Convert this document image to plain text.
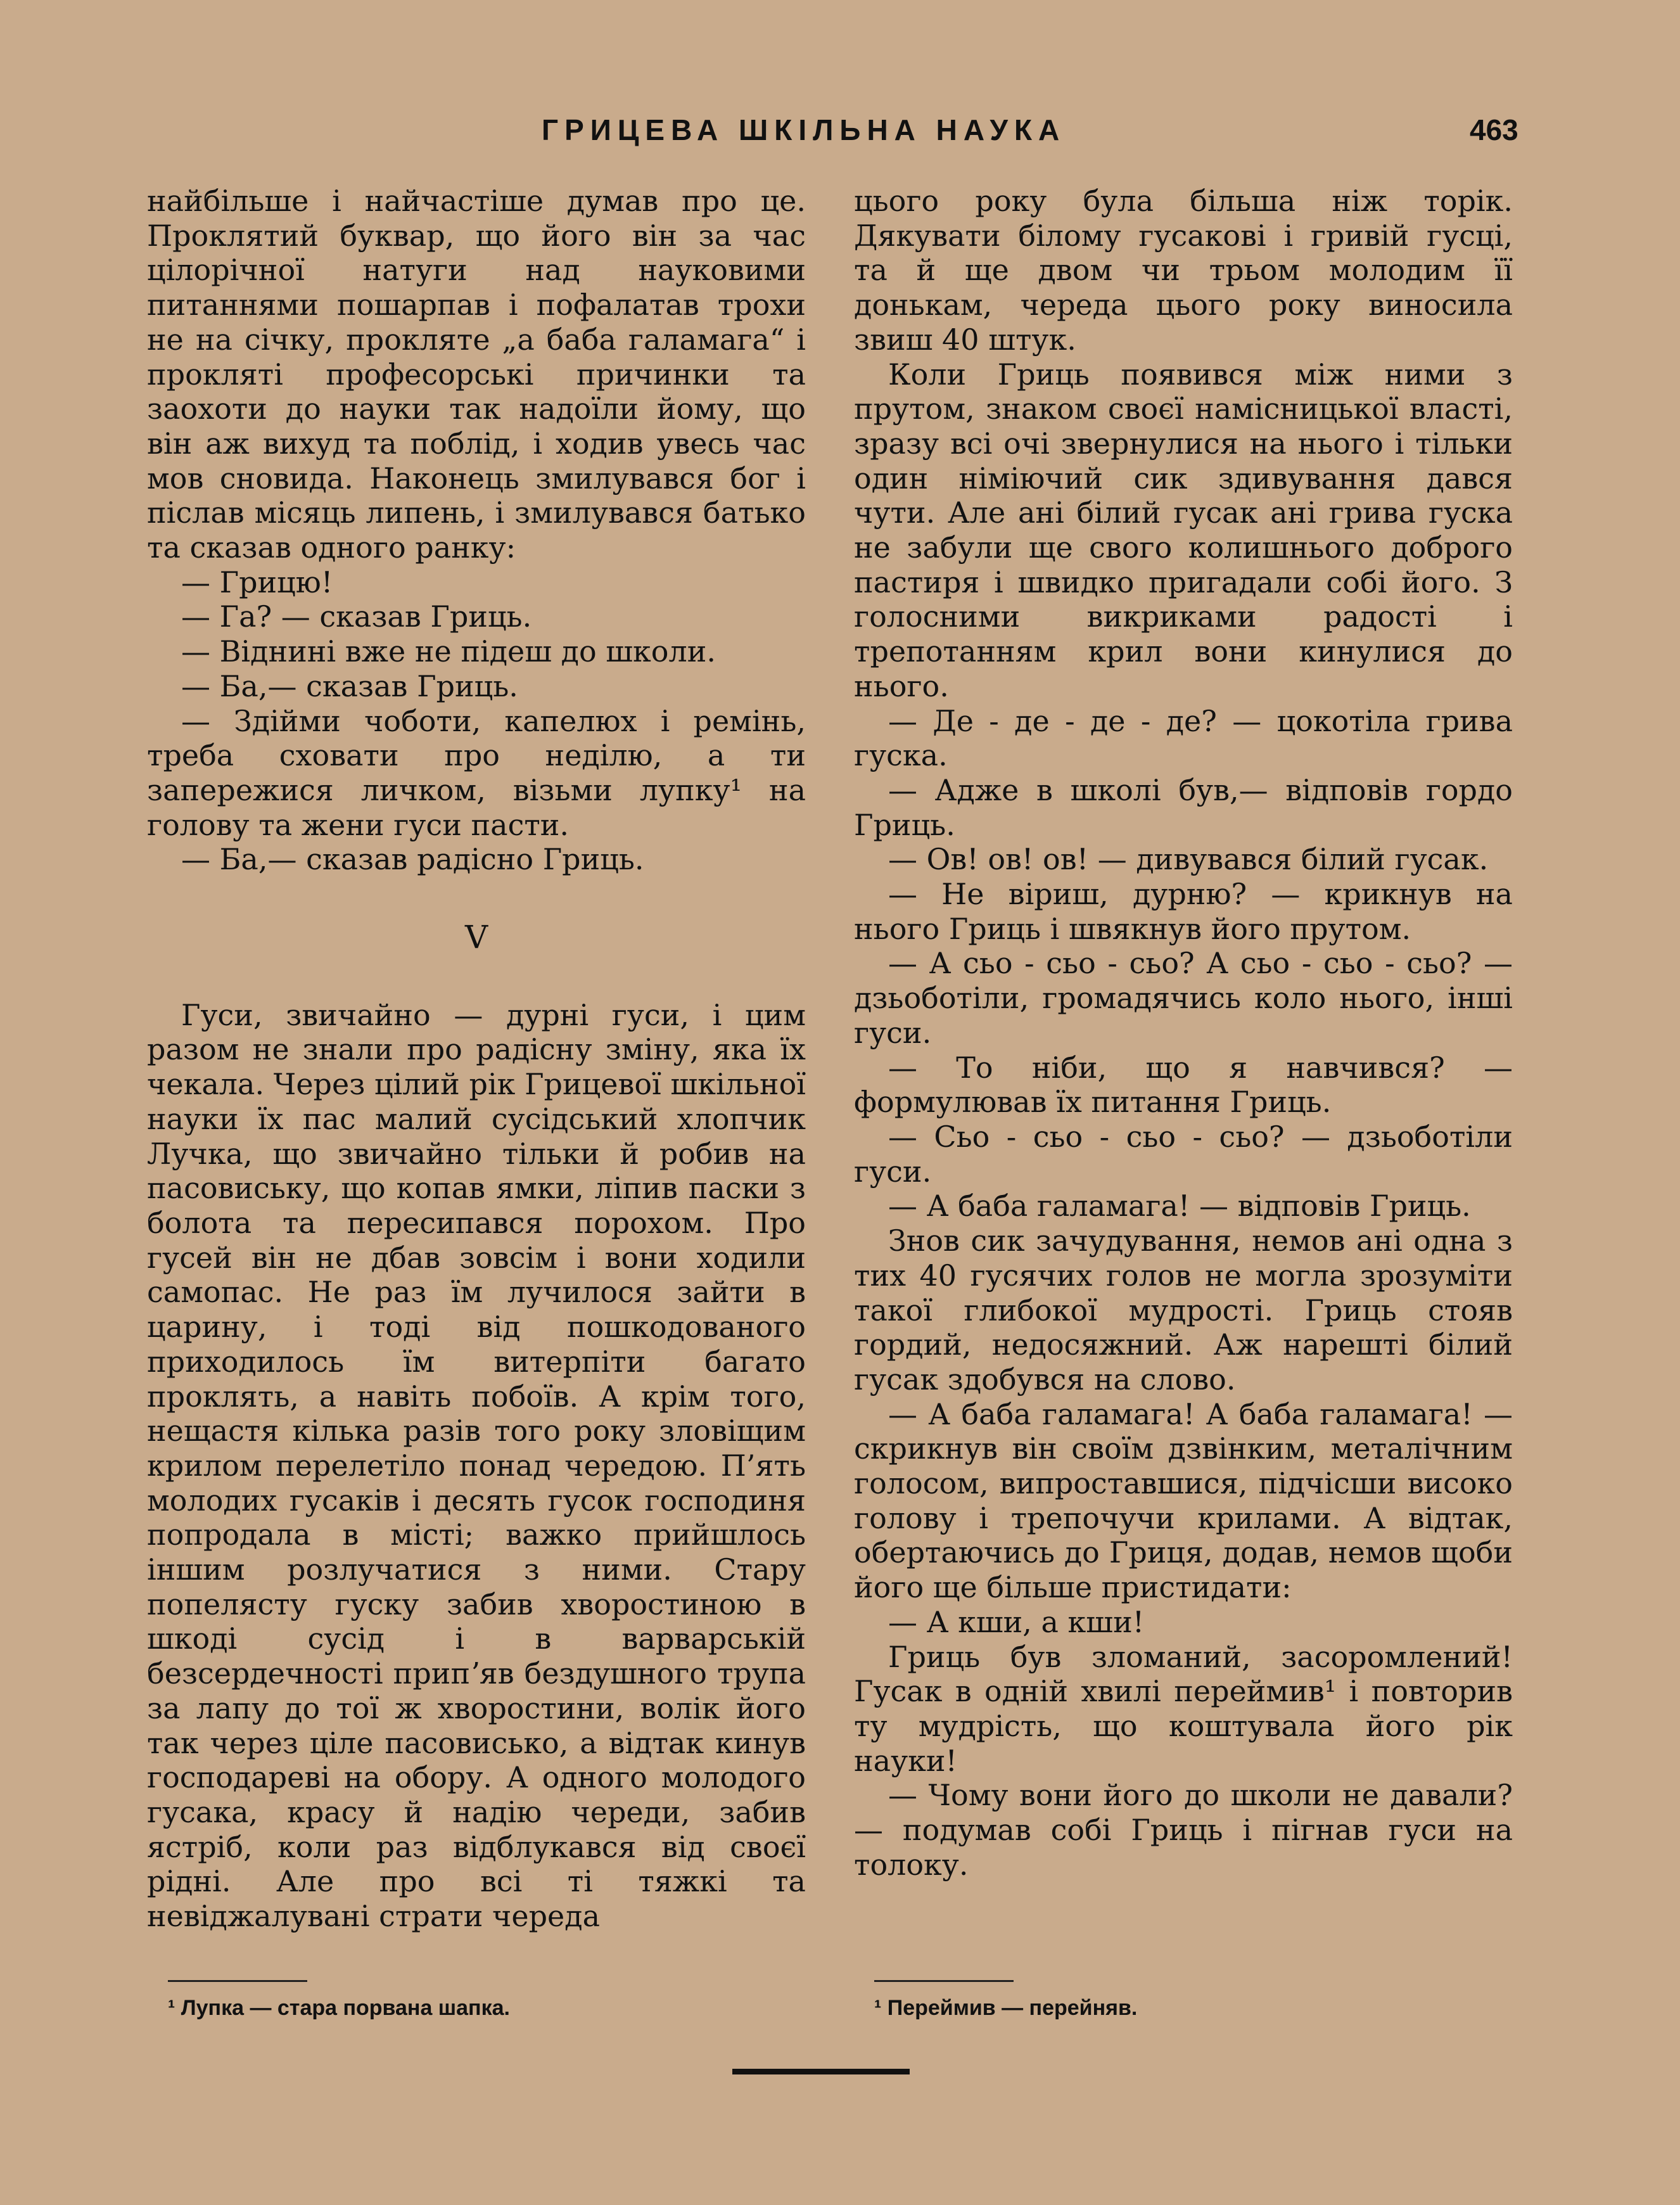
ГРИЦЕВА ШКІЛЬНА НАУКА	463

найбільше і найчастіше думав про це. Проклятий буквар, що його він за час цілорічної натуги над науковими питаннями пошарпав і пофалатав трохи не на січку, прокляте „а баба галамага“ і прокляті професорські причинки та заохоти до науки так надоїли йому, що він аж вихуд та поблід, і ходив увесь час мов сновида. Наконець змилувався бог і післав місяць липень, і змилувався батько та сказав одного ранку:

— Грицю!

— Га? — сказав Гриць.

— Віднині вже не підеш до школи.

— Ба,— сказав Гриць.

— Здійми чоботи, капелюх і ремінь, треба сховати про неділю, а ти заперeжися личком, візьми лупку¹ на голову та жени гуси пасти.

— Ба,— сказав радісно Гриць.

V

Гуси, звичайно — дурні гуси, і цим разом не знали про радісну зміну, яка їх чекала. Через цілий рік Грицевої шкільної науки їх пас малий сусідський хлопчик Лучка, що звичайно тільки й робив на пасовиську, що копав ямки, ліпив паски з болота та пересипався порохом. Про гусей він не дбав зовсім і вони ходили самопас. Не раз їм лучилося зайти в царину, і тоді від пошкодованого приходилось їм витерпіти багато проклять, а навіть побоїв. А крім того, нещастя кілька разів того року зловіщим крилом перелетіло понад чередою. П’ять молодих гусаків і десять гусок господиня попродала в місті; важко прийшлось іншим розлучатися з ними. Стару попелясту гуску забив хворостиною в шкоді сусід і в варварській безсердечності припʼяв бездушного трупа за лапу до тої ж хворостини, волік його так через ціле пасовисько, а відтак кинув господареві на обору. А одного молодого гусака, красу й надію череди, забив ястріб, коли раз відблукався від своєї рідні. Але про всі ті тяжкі та невіджалувані страти череда

цього року була більша ніж торік. Дякувати білому гусакові і гривій гусці, та й ще двом чи трьом молодим її донькам, череда цього року виносила звиш 40 штук.

Коли Гриць появився між ними з прутом, знаком своєї намісницької власті, зразу всі очі звернулися на нього і тільки один німіючий сик здивування дався чути. Але ані білий гусак ані грива гуска не забули ще свого колишнього доброго пастиря і швидко пригадали собі його. З голосними викриками радості і трепотанням крил вони кинулися до нього.

— Де - де - де - де? — цокотіла грива гуска.

— Адже в школі був,— відповів гордо Гриць.

— Ов! ов! ов! — дивувався білий гусак.

— Не віриш, дурню? — крикнув на нього Гриць і швякнув його прутом.

— А сьо - сьо - сьо? А сьо - сьо - сьо? — дзьоботіли, громадячись коло нього, інші гуси.

— То ніби, що я навчився? — формулював їх питання Гриць.

— Сьо - сьо - сьо - сьо? — дзьоботіли гуси.

— А баба галамага! — відповів Гриць.

Знов сик зачудування, немов ані одна з тих 40 гусячих голов не могла зрозуміти такої глибокої мудрості. Гриць стояв гордий, недосяжний. Аж нарешті білий гусак здобувся на слово.

— А баба галамага! А баба галамага! — скрикнув він своїм дзвінким, металічним голосом, випроставшися, підчісши високо голову і трепочучи крилами. А відтак, обертаючись до Гриця, додав, немов щоби його ще більше пристидати:

— А кши, а кши!

Гриць був зломаний, засоромлений! Гусак в одній хвилі переймив¹ і повторив ту мудрість, що коштувала його рік науки!

— Чому вони його до школи не давали? — подумав собі Гриць і пігнав гуси на толоку.

¹ Лупка — стара порвана шапка.	¹ Переймив — перейняв.
